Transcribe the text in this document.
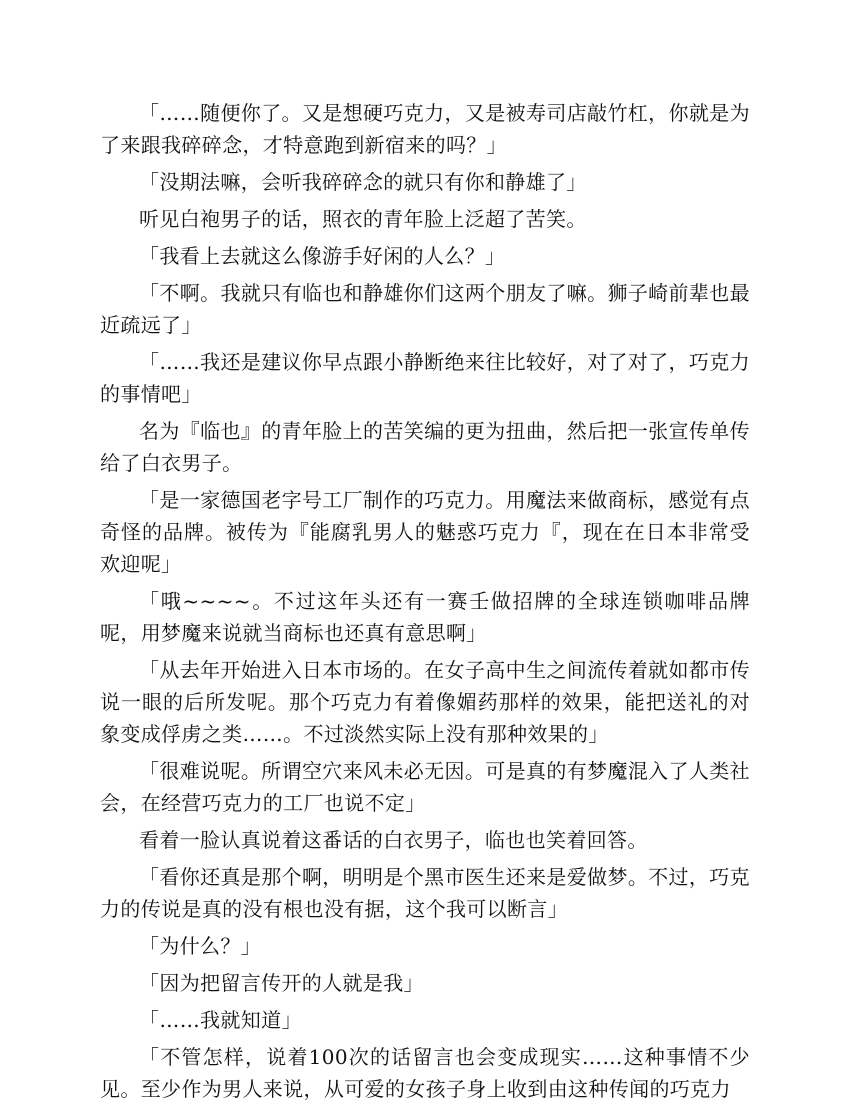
「……随便你了。又是想硬巧克力，又是被寿司店敲竹杠，你就是为了来跟我碎碎念，才特意跑到新宿来的吗？」

「没期法嘛，会听我碎碎念的就只有你和静雄了」

听见白袍男子的话，照衣的青年脸上泛超了苦笑。

「我看上去就这么像游手好闲的人么？」

「不啊。我就只有临也和静雄你们这两个朋友了嘛。狮子崎前辈也最近疏远了」

「……我还是建议你早点跟小静断绝来往比较好，对了对了，巧克力的事情吧」

名为『临也』的青年脸上的苦笑编的更为扭曲，然后把一张宣传单传给了白衣男子。

「是一家德国老字号工厂制作的巧克力。用魔法来做商标，感觉有点奇怪的品牌。被传为『能腐乳男人的魅惑巧克力『，现在在日本非常受欢迎呢」

「哦~~~~。不过这年头还有一赛壬做招牌的全球连锁咖啡品牌呢，用梦魔来说就当商标也还真有意思啊」

「从去年开始进入日本市场的。在女子高中生之间流传着就如都市传说一眼的后所发呢。那个巧克力有着像媚药那样的效果，能把送礼的对象变成俘虏之类……。不过淡然实际上没有那种效果的」

「很难说呢。所谓空穴来风未必无因。可是真的有梦魔混入了人类社会，在经营巧克力的工厂也说不定」

看着一脸认真说着这番话的白衣男子，临也也笑着回答。

「看你还真是那个啊，明明是个黑市医生还来是爱做梦。不过，巧克力的传说是真的没有根也没有据，这个我可以断言」

「为什么？」

「因为把留言传开的人就是我」

「……我就知道」

「不管怎样，说着100次的话留言也会变成现实……这种事情不少见。至少作为男人来说，从可爱的女孩子身上收到由这种传闻的巧克力
